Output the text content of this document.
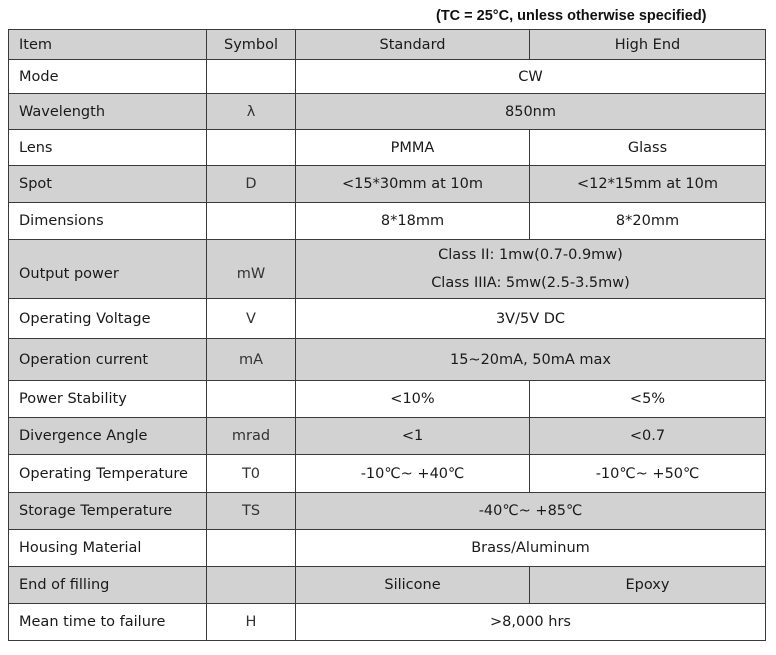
(TC = 25°C, unless otherwise specified)
Item	Symbol	Standard	High End
Mode		CW	
Wavelength	λ	850nm	
Lens		PMMA	Glass
Spot	D	<15*30mm at 10m	<12*15mm at 10m
Dimensions		8*18mm	8*20mm
Output power	mW	Class II: 1mw(0.7-0.9mw)
Class IIIA: 5mw(2.5-3.5mw)	

Operating Voltage	V	3V/5V DC	
Operation current	mA	15~20mA, 50mA max	
Power Stability		<10%	<5%
Divergence Angle	mrad	<1	<0.7
Operating Temperature	T0	-10℃~ +40℃	-10℃~ +50℃
Storage Temperature	TS	-40℃~ +85℃	
Housing Material		Brass/Aluminum	
End of filling		Silicone	Epoxy
Mean time to failure	H	>8,000 hrs	
